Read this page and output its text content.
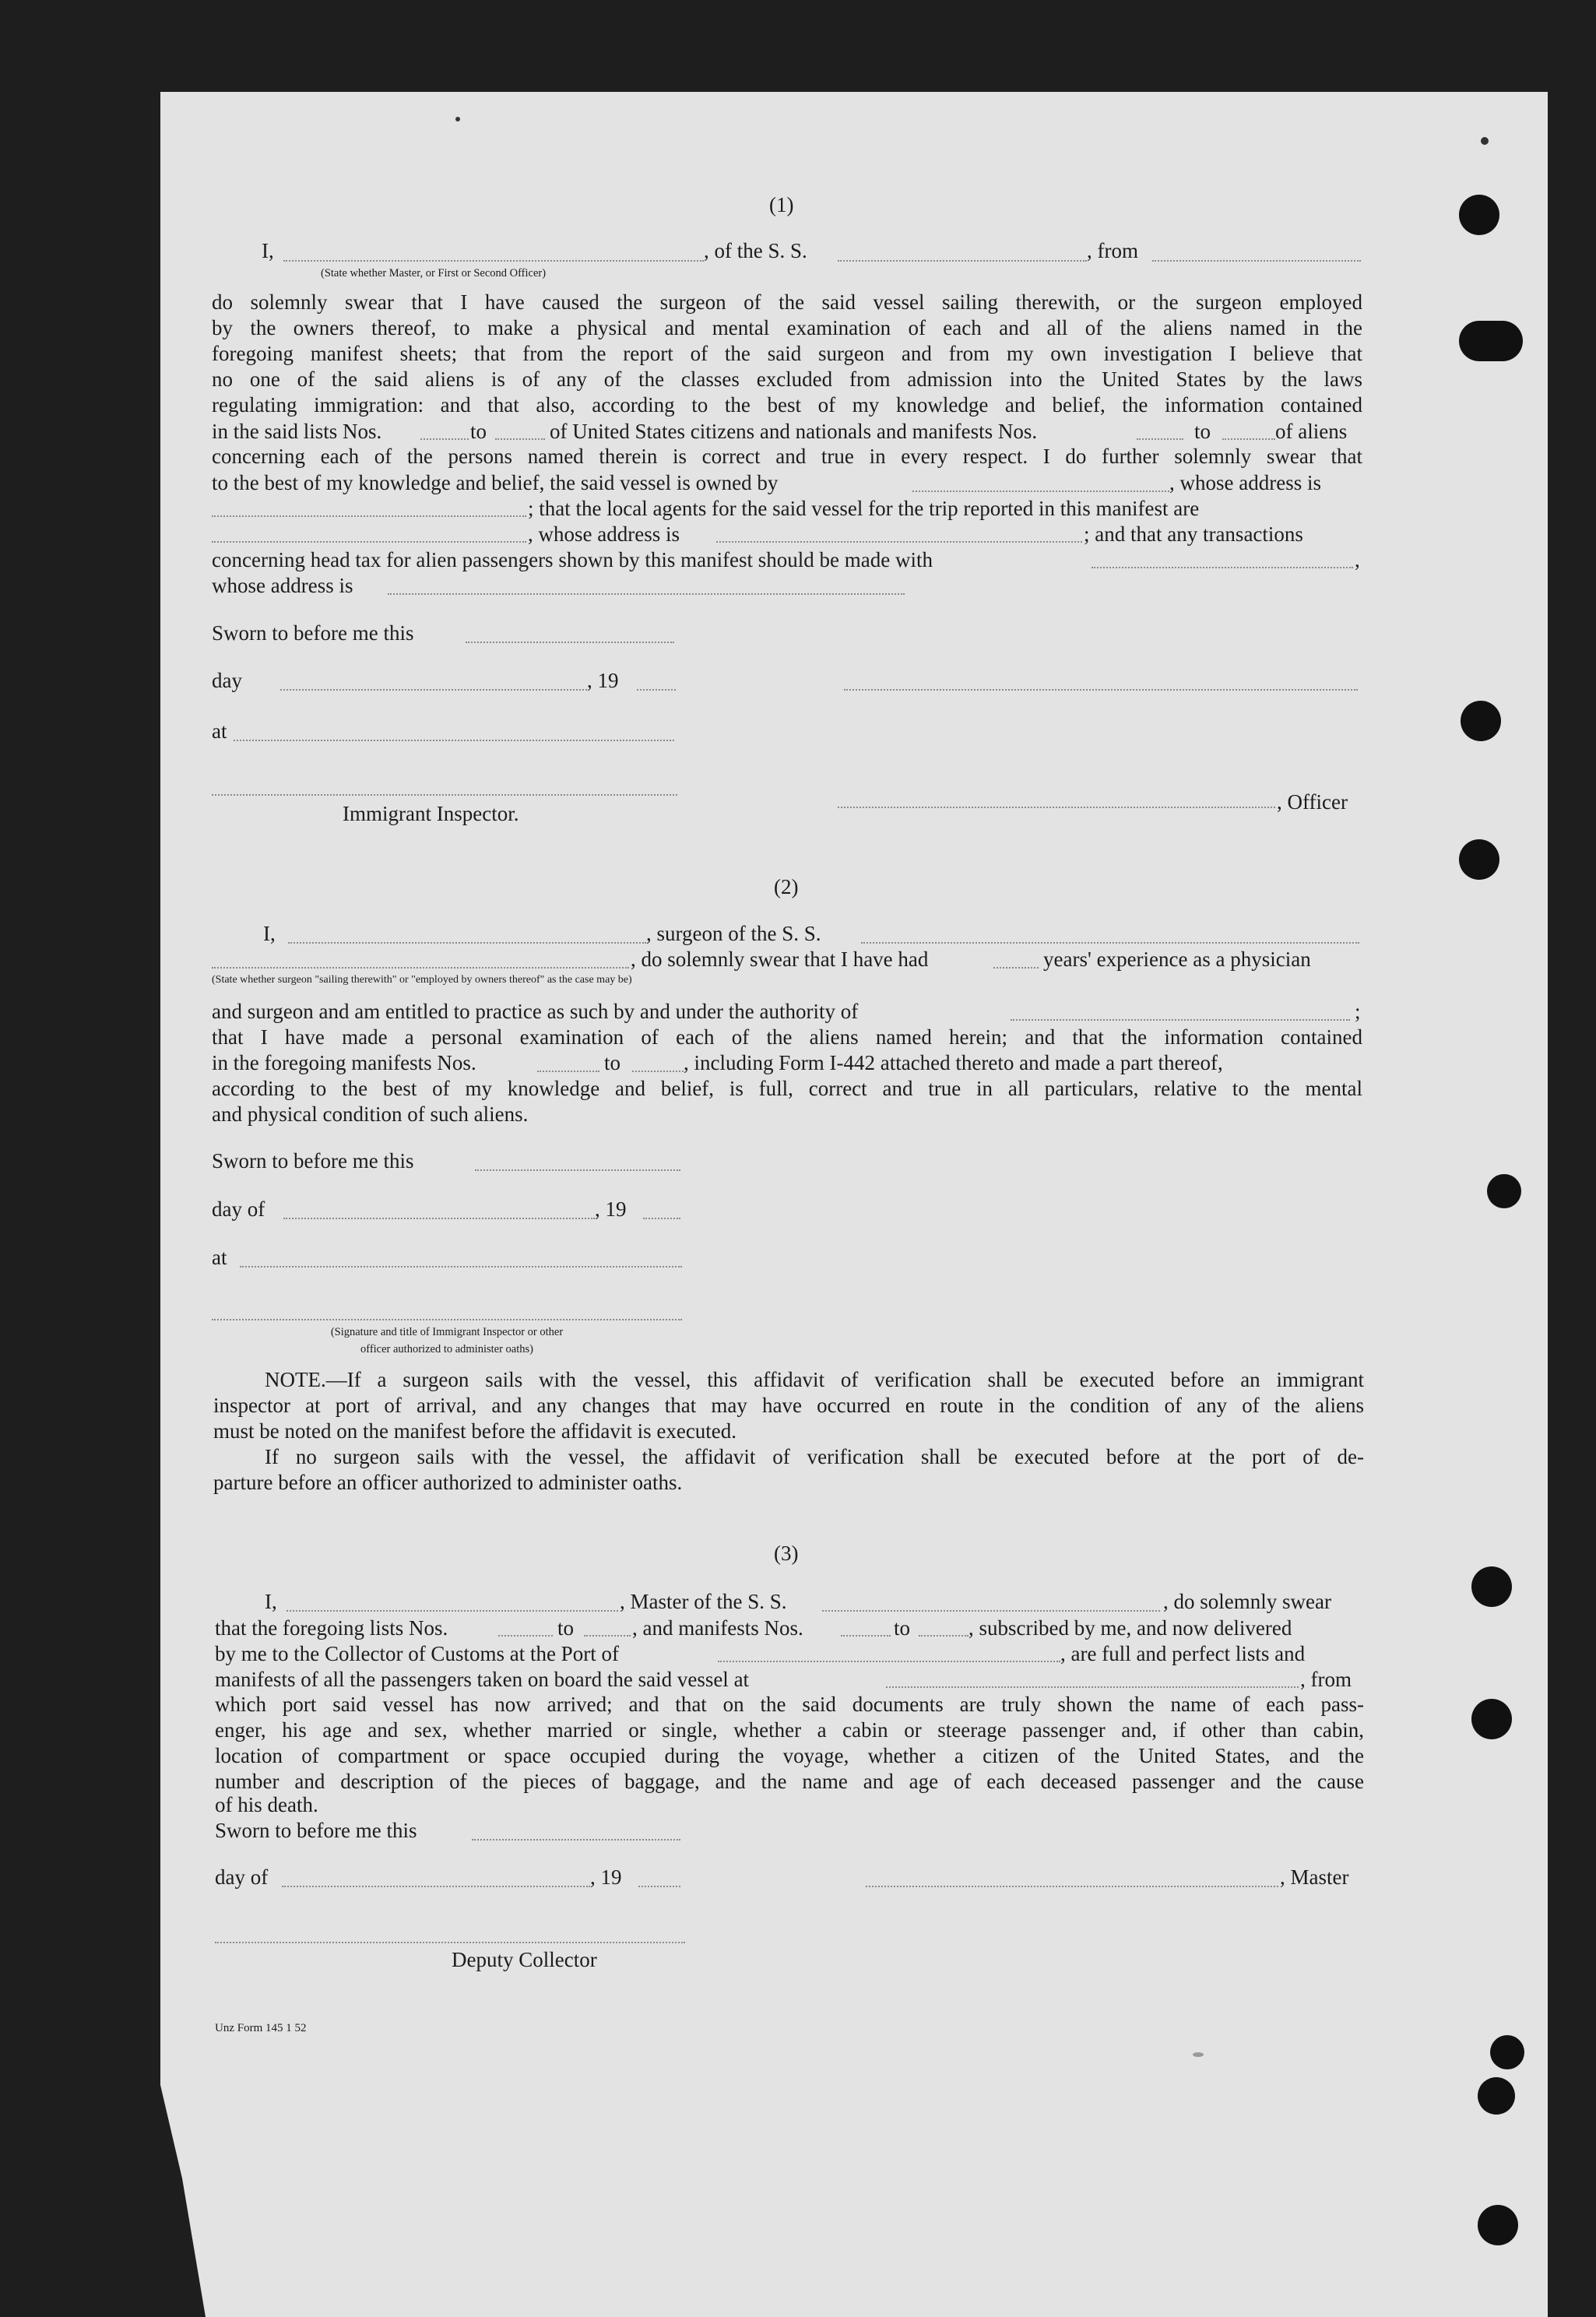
(1)
I,	, of the S. S.	, from
(State whether Master, or First or Second Officer)
do solemnly swear that I have caused the surgeon of the said vessel sailing therewith, or the surgeon employed
by the owners thereof, to make a physical and mental examination of each and all of the aliens named in the
foregoing manifest sheets; that from the report of the said surgeon and from my own investigation I believe that
no one of the said aliens is of any of the classes excluded from admission into the United States by the laws
regulating immigration: and that also, according to the best of my knowledge and belief, the information contained
in the said lists Nos.	to	of United States citizens and nationals and manifests Nos.	to	of aliens
concerning each of the persons named therein is correct and true in every respect. I do further solemnly swear that
to the best of my knowledge and belief, the said vessel is owned by	, whose address is
; that the local agents for the said vessel for the trip reported in this manifest are
, whose address is	; and that any transactions
concerning head tax for alien passengers shown by this manifest should be made with	,
whose address is
Sworn to before me this
day	, 19
at
Immigrant Inspector.	, Officer
(2)
I,	, surgeon of the S. S.
, do solemnly swear that I have had	years' experience as a physician
(State whether surgeon "sailing therewith" or "employed by owners thereof" as the case may be)
and surgeon and am entitled to practice as such by and under the authority of	;
that I have made a personal examination of each of the aliens named herein; and that the information contained
in the foregoing manifests Nos.	to	, including Form I-442 attached thereto and made a part thereof,
according to the best of my knowledge and belief, is full, correct and true in all particulars, relative to the mental
and physical condition of such aliens.
Sworn to before me this
day of	, 19
at
(Signature and title of Immigrant Inspector or other
officer authorized to administer oaths)
NOTE.—If a surgeon sails with the vessel, this affidavit of verification shall be executed before an immigrant
inspector at port of arrival, and any changes that may have occurred en route in the condition of any of the aliens
must be noted on the manifest before the affidavit is executed.
If no surgeon sails with the vessel, the affidavit of verification shall be executed before at the port of de-
parture before an officer authorized to administer oaths.
(3)
I,	, Master of the S. S.	, do solemnly swear
that the foregoing lists Nos.	to	, and manifests Nos.	to	, subscribed by me, and now delivered
by me to the Collector of Customs at the Port of	, are full and perfect lists and
manifests of all the passengers taken on board the said vessel at	, from
which port said vessel has now arrived; and that on the said documents are truly shown the name of each pass-
enger, his age and sex, whether married or single, whether a cabin or steerage passenger and, if other than cabin,
location of compartment or space occupied during the voyage, whether a citizen of the United States, and the
number and description of the pieces of baggage, and the name and age of each deceased passenger and the cause
of his death.
Sworn to before me this
day of	, 19	, Master
Deputy Collector
Unz Form 145 1 52
